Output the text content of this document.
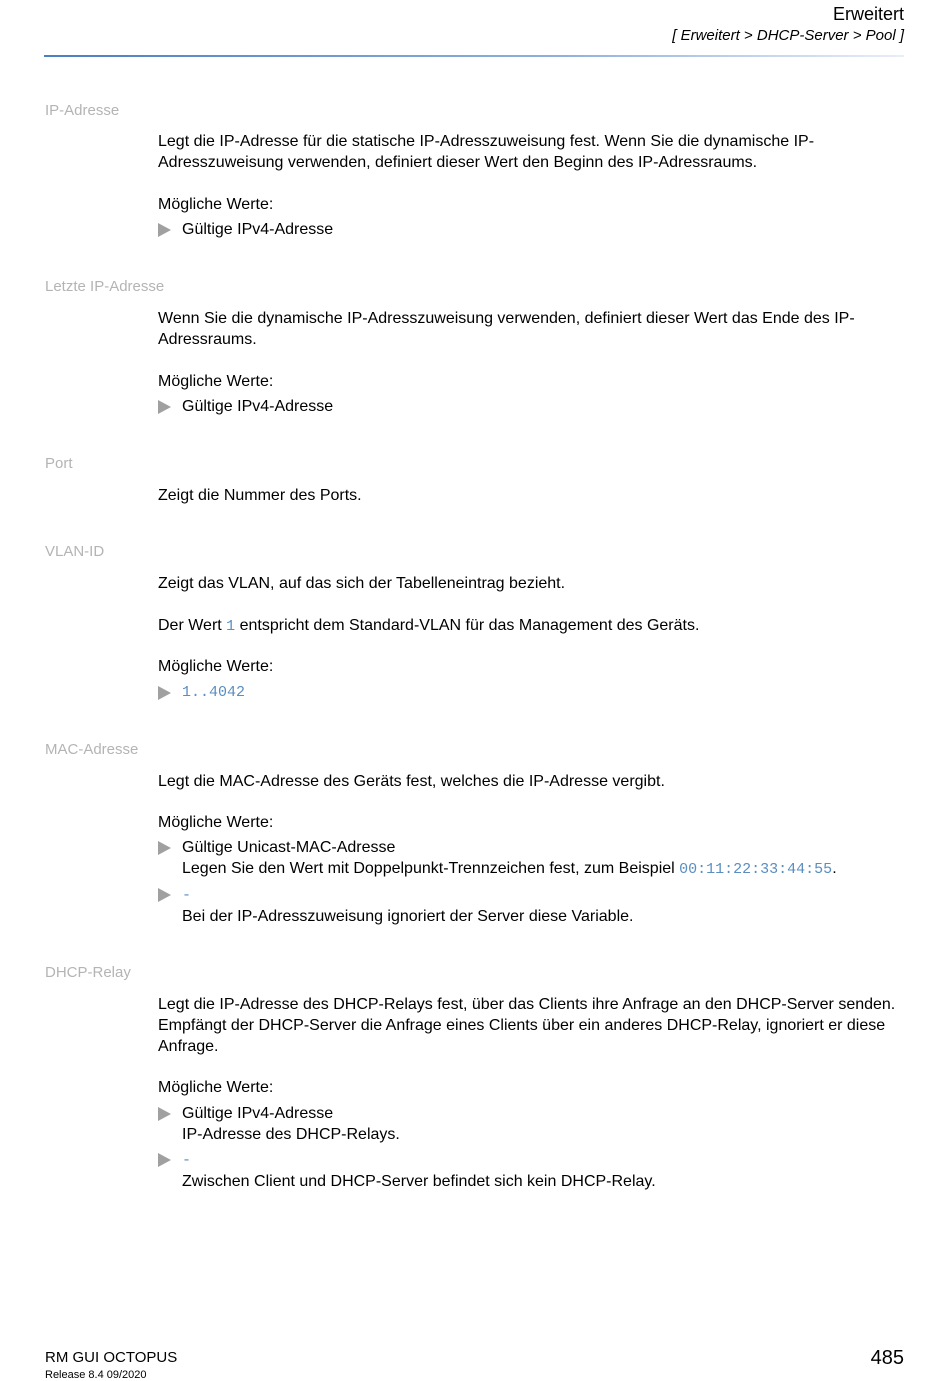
Erweitert
[ Erweitert > DHCP-Server > Pool ]
IP-Adresse

Legt die IP-Adresse für die statische IP-Adresszuweisung fest. Wenn Sie die dynamische IP-Adresszuweisung verwenden, definiert dieser Wert den Beginn des IP-Adressraums.

Mögliche Werte:

Gültige IPv4-Adresse
Letzte IP-Adresse

Wenn Sie die dynamische IP-Adresszuweisung verwenden, definiert dieser Wert das Ende des IP-Adressraums.

Mögliche Werte:

Gültige IPv4-Adresse
Port

Zeigt die Nummer des Ports.

VLAN-ID

Zeigt das VLAN, auf das sich der Tabelleneintrag bezieht.

Der Wert 1 entspricht dem Standard-VLAN für das Management des Geräts.

Mögliche Werte:

1..4042
MAC-Adresse

Legt die MAC-Adresse des Geräts fest, welches die IP-Adresse vergibt.

Mögliche Werte:

Gültige Unicast-MAC-Adresse
Legen Sie den Wert mit Doppelpunkt-Trennzeichen fest, zum Beispiel 00:11:22:33:44:55.
-
Bei der IP-Adresszuweisung ignoriert der Server diese Variable.
DHCP-Relay

Legt die IP-Adresse des DHCP-Relays fest, über das Clients ihre Anfrage an den DHCP-Server senden. Empfängt der DHCP-Server die Anfrage eines Clients über ein anderes DHCP-Relay, ignoriert er diese Anfrage.

Mögliche Werte:

Gültige IPv4-Adresse
IP-Adresse des DHCP-Relays.
-
Zwischen Client und DHCP-Server befindet sich kein DHCP-Relay.
RM GUI OCTOPUS
Release 8.4 09/2020
485
